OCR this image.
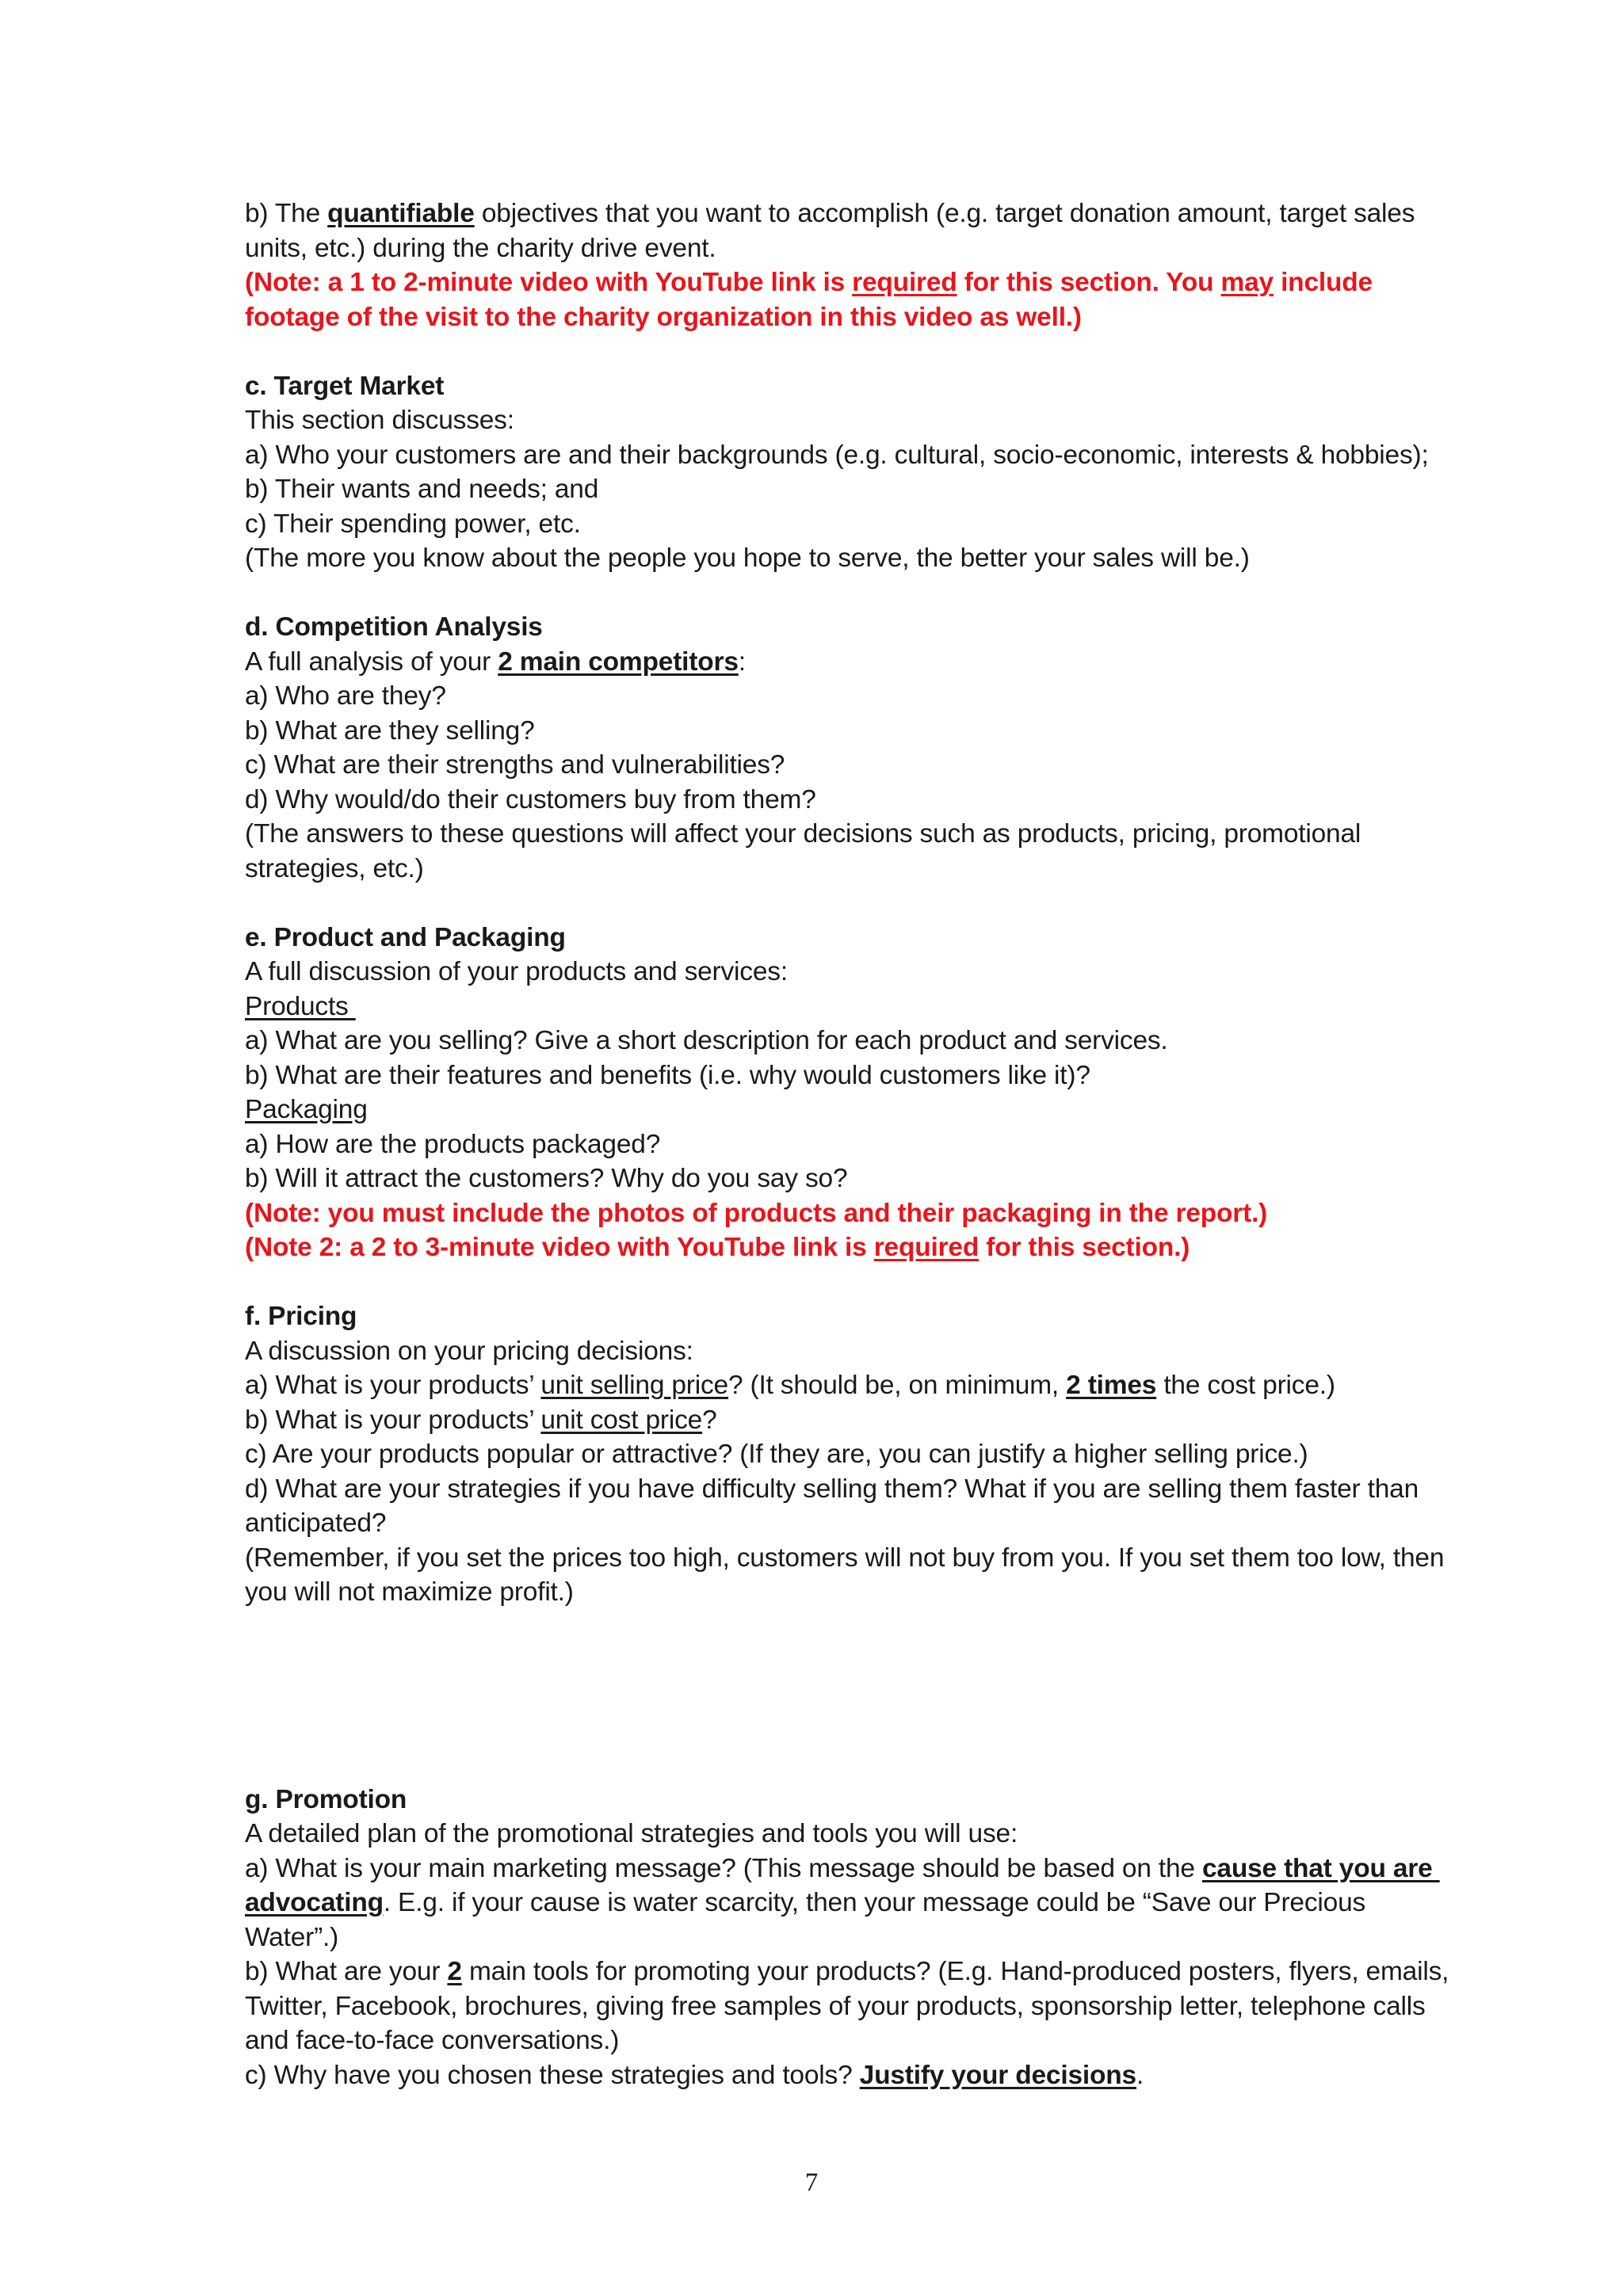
b) The quantifiable objectives that you want to accomplish (e.g. target donation amount, target sales
units, etc.) during the charity drive event.
(Note: a 1 to 2-minute video with YouTube link is required for this section. You may include
footage of the visit to the charity organization in this video as well.)
c. Target Market
This section discusses:
a) Who your customers are and their backgrounds (e.g. cultural, socio-economic, interests & hobbies);
b) Their wants and needs; and
c) Their spending power, etc.
(The more you know about the people you hope to serve, the better your sales will be.)
d. Competition Analysis
A full analysis of your 2 main competitors:
a) Who are they?
b) What are they selling?
c) What are their strengths and vulnerabilities?
d) Why would/do their customers buy from them?
(The answers to these questions will affect your decisions such as products, pricing, promotional
strategies, etc.)
e. Product and Packaging
A full discussion of your products and services:
Products
a) What are you selling? Give a short description for each product and services.
b) What are their features and benefits (i.e. why would customers like it)?
Packaging
a) How are the products packaged?
b) Will it attract the customers? Why do you say so?
(Note: you must include the photos of products and their packaging in the report.)
(Note 2: a 2 to 3-minute video with YouTube link is required for this section.)
f. Pricing
A discussion on your pricing decisions:
a) What is your products’ unit selling price? (It should be, on minimum, 2 times the cost price.)
b) What is your products’ unit cost price?
c) Are your products popular or attractive? (If they are, you can justify a higher selling price.)
d) What are your strategies if you have difficulty selling them? What if you are selling them faster than
anticipated?
(Remember, if you set the prices too high, customers will not buy from you. If you set them too low, then
you will not maximize profit.)
g. Promotion
A detailed plan of the promotional strategies and tools you will use:
a) What is your main marketing message? (This message should be based on the cause that you are
advocating. E.g. if your cause is water scarcity, then your message could be “Save our Precious
Water”.)
b) What are your 2 main tools for promoting your products? (E.g. Hand-produced posters, flyers, emails,
Twitter, Facebook, brochures, giving free samples of your products, sponsorship letter, telephone calls
and face-to-face conversations.)
c) Why have you chosen these strategies and tools? Justify your decisions.
7
